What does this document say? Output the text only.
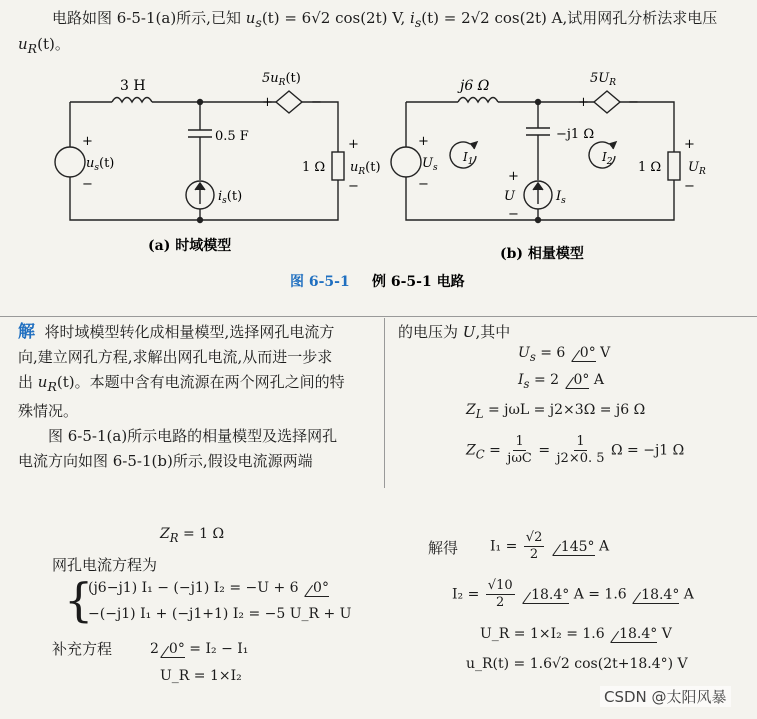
电路如图 6-5-1(a)所示,已知 $u_s(t) = 6√2$ cos(2t) V, $i_s(t) = 2√2$ cos(2t) A,试用网孔分析法求电压
$u_R(t)$。
3 H	$5u_R(t)$
+	−
0.5 F
$i_s(t)$
$u_s(t)$
+
−
1 Ω $u_R(t)$
+
−
(a) 时域模型
j6 Ω	$5U_R$
+	−
−j1 Ω
$I_s$
U
+
−
$U_s$
+
−
$I_1$	$I_2$ 1 Ω $U_R$
+
−
(b) 相量模型
图 6-5-1 例 6-5-1 电路
解 将时域模型转化成相量模型,选择网孔电流方
向,建立网孔方程,求解出网孔电流,从而进一步求
出 $u_R(t)$。本题中含有电流源在两个网孔之间的特
殊情况。
图 6-5-1(a)所示电路的相量模型及选择网孔
电流方向如图 6-5-1(b)所示,假设电流源两端
的电压为 U,其中
$U_s = 6$ 0° V
$I_s = 2$ 0° A
$Z_L = j\omega L = j2\times 3\Omega = j6$ Ω
$Z_C = \frac{1}{\text{jωC}} = \frac{1}{j2\times 0. 5}$ Ω = −j1 Ω
$Z_R = 1$ Ω
网孔电流方程为
{
(j6−j1) I₁ − (−j1) I₂ = −U + 6 0°
−(−j1) I₁ + (−j1+1) I₂ = −5 U_R + U
补充方程	2 0° = I₂ − I₁
U_R = 1×I₂
解得 $I_1 = \frac{√2}{2} 145^\circ$ A
$I_2 = \frac{√10}{2} 18.4^\circ$ A = 1.6 18.4° A
U_R = 1×I₂ = 1.6 18.4° V
u_R(t) = 1.6√2 cos(2t+18.4°) V
CSDN @太阳风暴
